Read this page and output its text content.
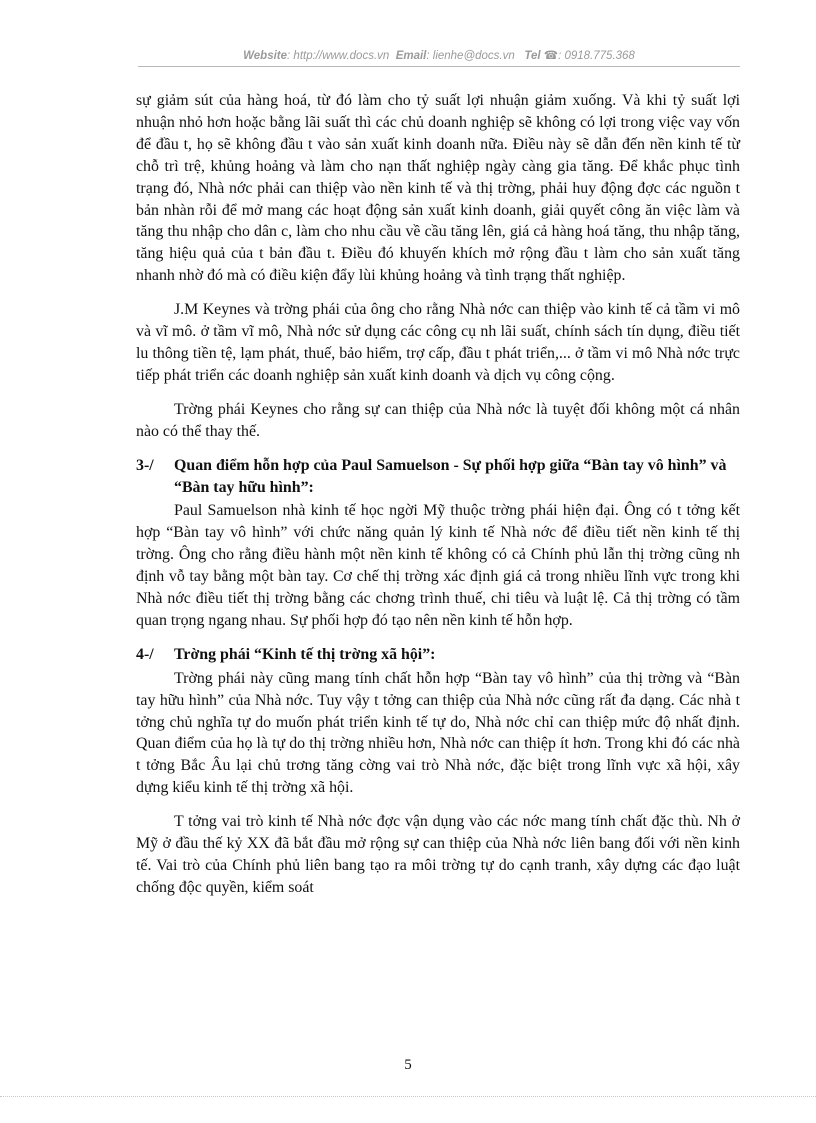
Website: http://www.docs.vn Email: lienhe@docs.vn Tel ☎: 0918.775.368

sự giảm sút của hàng hoá, từ đó làm cho tỷ suất lợi nhuận giảm xuống. Và khi tỷ suất lợi nhuận nhỏ hơn hoặc bằng lãi suất thì các chủ doanh nghiệp sẽ không có lợi trong việc vay vốn để đầu t, họ sẽ không đầu t vào sản xuất kinh doanh nữa. Điều này sẽ dẫn đến nền kinh tế từ chỗ trì trệ, khủng hoảng và làm cho nạn thất nghiệp ngày càng gia tăng. Để khắc phục tình trạng đó, Nhà nớc phải can thiệp vào nền kinh tế và thị trờng, phải huy động đợc các nguồn t bản nhàn rỗi để mở mang các hoạt động sản xuất kinh doanh, giải quyết công ăn việc làm và tăng thu nhập cho dân c, làm cho nhu cầu về cầu tăng lên, giá cả hàng hoá tăng, thu nhập tăng, tăng hiệu quả của t bản đầu t. Điều đó khuyến khích mở rộng đầu t làm cho sản xuất tăng nhanh nhờ đó mà có điều kiện đẩy lùi khủng hoảng và tình trạng thất nghiệp.

J.M Keynes và trờng phái của ông cho rằng Nhà nớc can thiệp vào kinh tế cả tầm vi mô và vĩ mô. ở tầm vĩ mô, Nhà nớc sử dụng các công cụ nh lãi suất, chính sách tín dụng, điều tiết lu thông tiền tệ, lạm phát, thuế, bảo hiểm, trợ cấp, đầu t phát triển,... ở tầm vi mô Nhà nớc trực tiếp phát triển các doanh nghiệp sản xuất kinh doanh và dịch vụ công cộng.

Trờng phái Keynes cho rằng sự can thiệp của Nhà nớc là tuyệt đối không một cá nhân nào có thể thay thế.

3-/	Quan điểm hỗn hợp của Paul Samuelson - Sự phối hợp giữa “Bàn tay vô hình” và “Bàn tay hữu hình”:

Paul Samuelson nhà kinh tế học ngời Mỹ thuộc trờng phái hiện đại. Ông có t tởng kết hợp “Bàn tay vô hình” với chức năng quản lý kinh tế Nhà nớc để điều tiết nền kinh tế thị trờng. Ông cho rằng điều hành một nền kinh tế không có cả Chính phủ lẫn thị trờng cũng nh định vỗ tay bằng một bàn tay. Cơ chế thị trờng xác định giá cả trong nhiều lĩnh vực trong khi Nhà nớc điều tiết thị trờng bằng các chơng trình thuế, chi tiêu và luật lệ. Cả thị trờng có tầm quan trọng ngang nhau. Sự phối hợp đó tạo nên nền kinh tế hỗn hợp.

4-/	Trờng phái “Kinh tế thị trờng xã hội”:

Trờng phái này cũng mang tính chất hỗn hợp “Bàn tay vô hình” của thị trờng và “Bàn tay hữu hình” của Nhà nớc. Tuy vậy t tởng can thiệp của Nhà nớc cũng rất đa dạng. Các nhà t tởng chủ nghĩa tự do muốn phát triển kinh tế tự do, Nhà nớc chỉ can thiệp mức độ nhất định. Quan điểm của họ là tự do thị trờng nhiều hơn, Nhà nớc can thiệp ít hơn. Trong khi đó các nhà t tởng Bắc Âu lại chủ trơng tăng cờng vai trò Nhà nớc, đặc biệt trong lĩnh vực xã hội, xây dựng kiểu kinh tế thị trờng xã hội.

T tởng vai trò kinh tế Nhà nớc đợc vận dụng vào các nớc mang tính chất đặc thù. Nh ở Mỹ ở đầu thế kỷ XX đã bắt đầu mở rộng sự can thiệp của Nhà nớc liên bang đối với nền kinh tế. Vai trò của Chính phủ liên bang tạo ra môi trờng tự do cạnh tranh, xây dựng các đạo luật chống độc quyền, kiểm soát

5
